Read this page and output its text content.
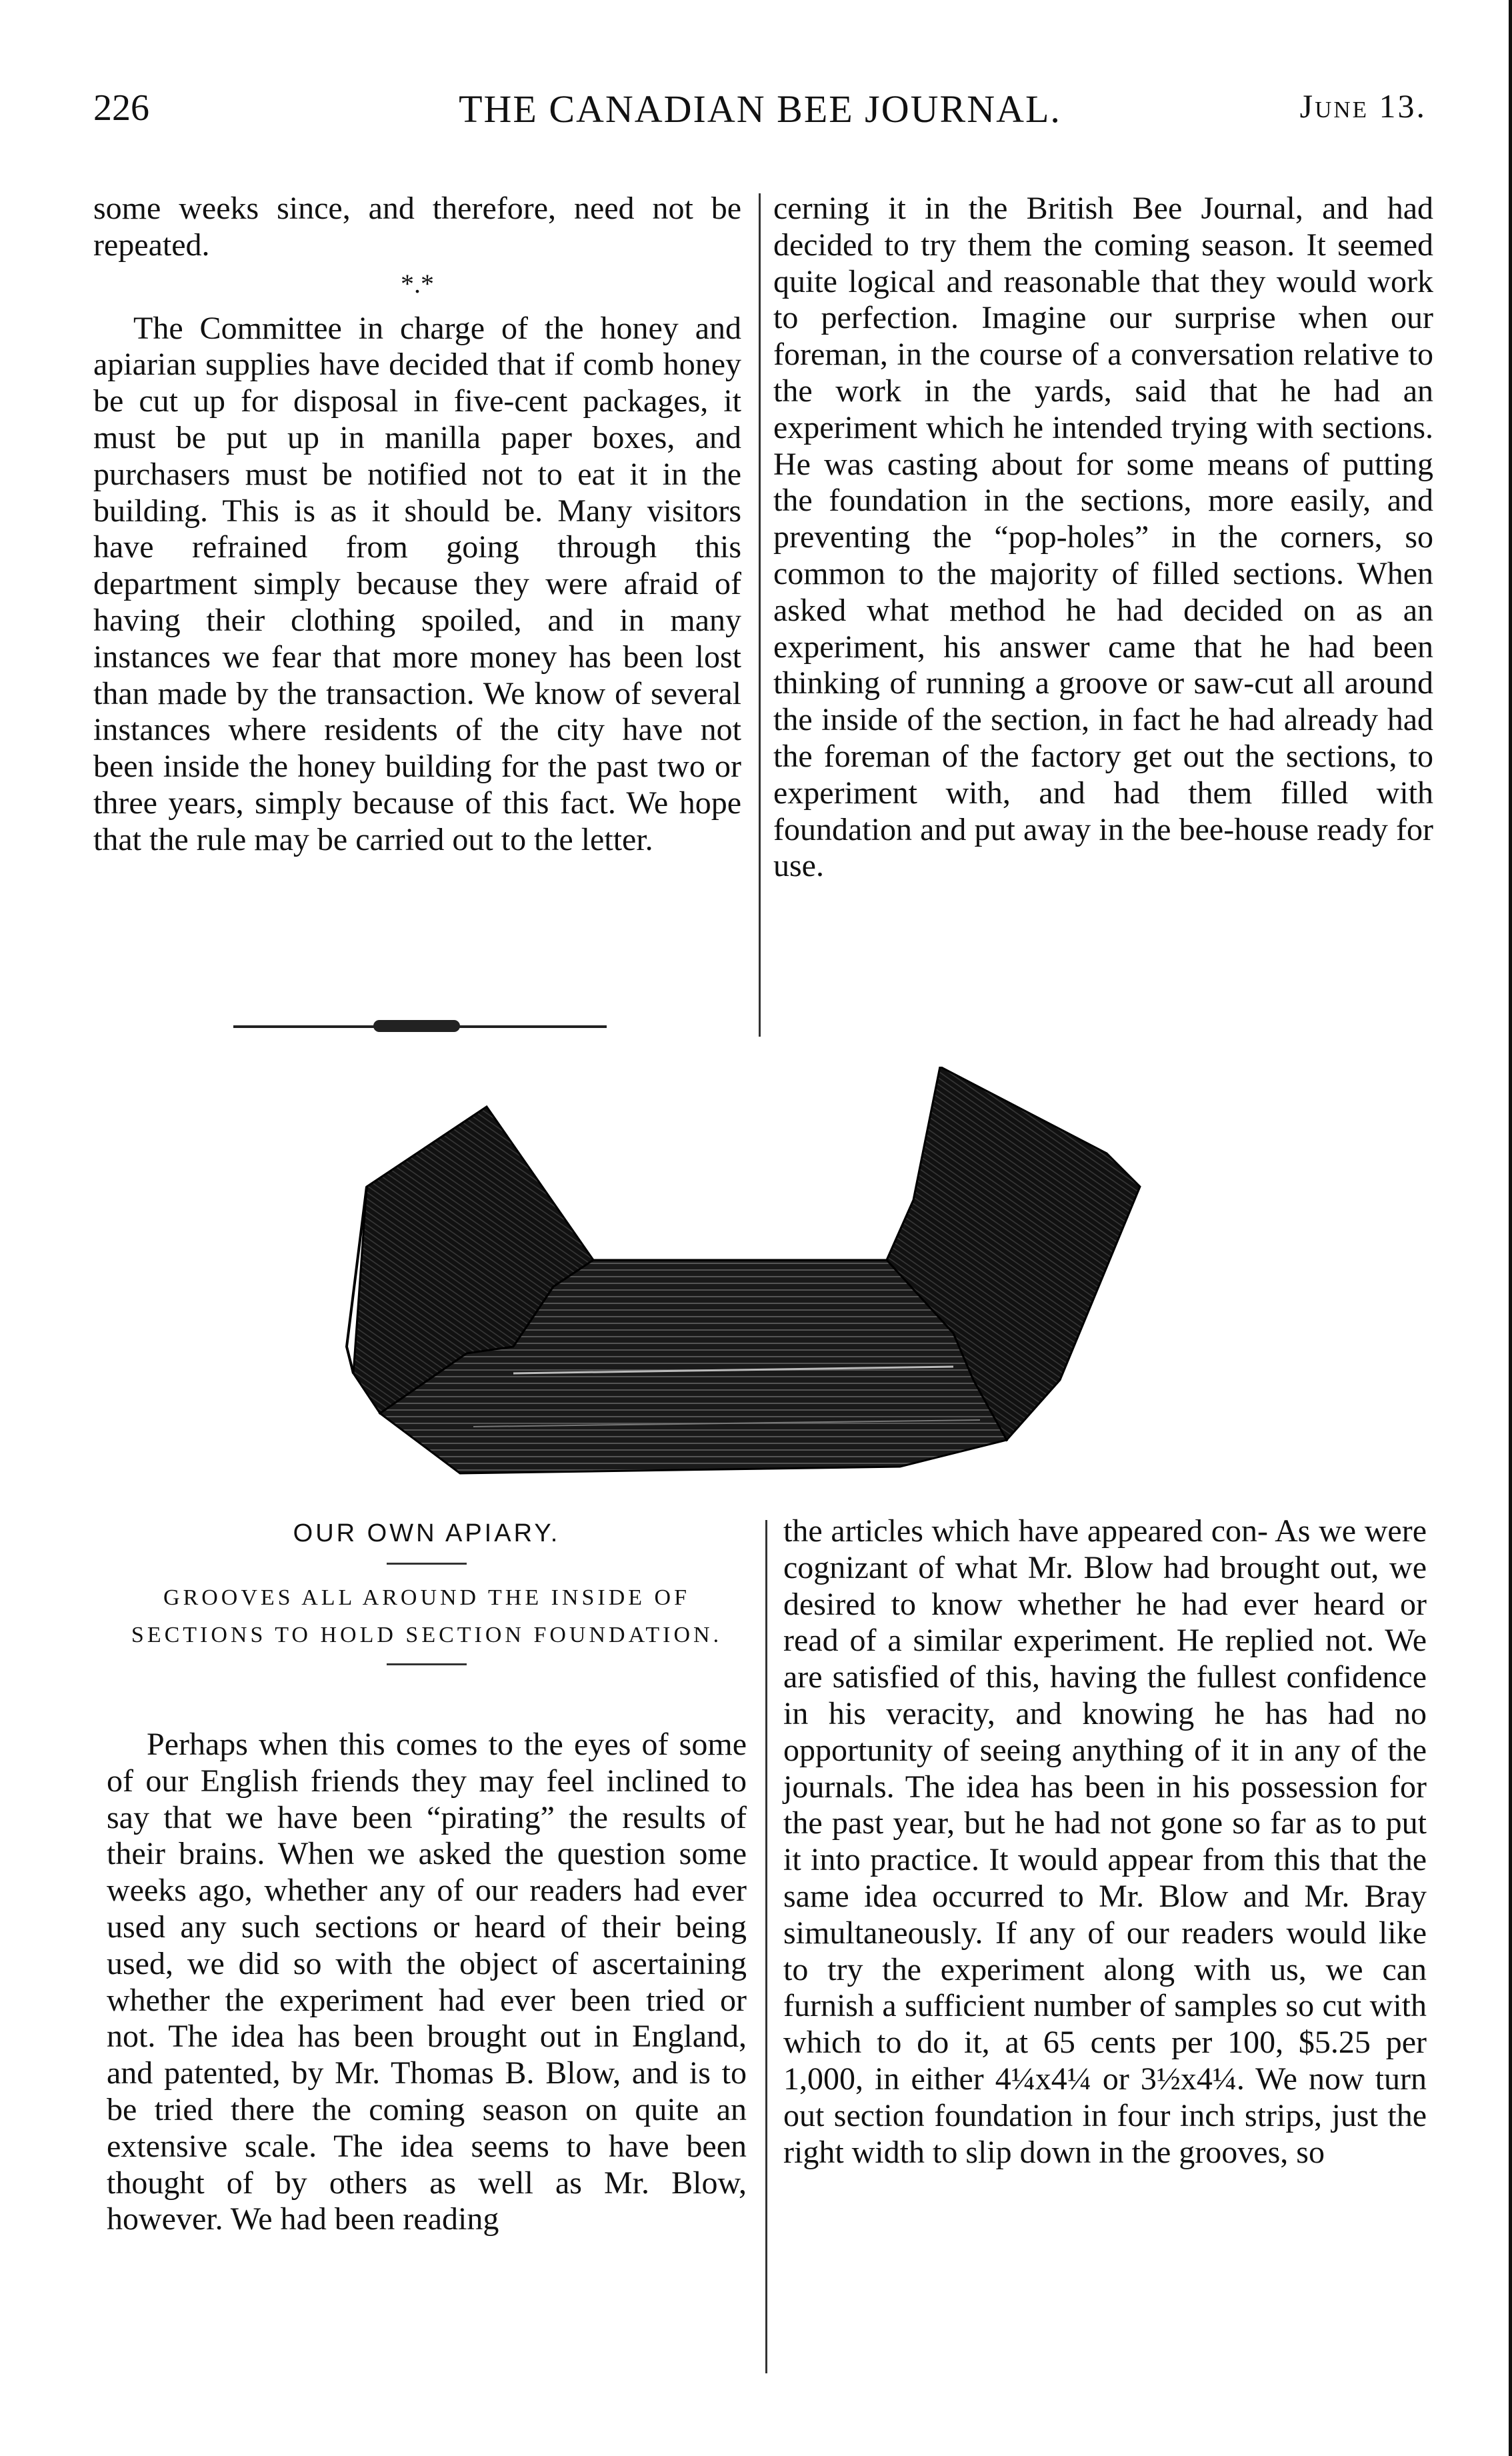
226	THE CANADIAN BEE JOURNAL.	June 13.

some weeks since, and therefore, need not be repeated.

*.*

The Committee in charge of the honey and apiarian supplies have decided that if comb honey be cut up for disposal in five-cent packages, it must be put up in manilla paper boxes, and purchasers must be notified not to eat it in the building. This is as it should be. Many visitors have refrained from going through this department simply because they were afraid of having their clothing spoiled, and in many instances we fear that more money has been lost than made by the transaction. We know of several instances where residents of the city have not been inside the honey building for the past two or three years, simply because of this fact. We hope that the rule may be carried out to the letter.

cerning it in the British Bee Journal, and had decided to try them the coming season. It seemed quite logical and reasonable that they would work to perfection. Imagine our surprise when our foreman, in the course of a conversation relative to the work in the yards, said that he had an experiment which he intended trying with sections. He was casting about for some means of putting the foundation in the sections, more easily, and preventing the “pop-holes” in the corners, so common to the majority of filled sections. When asked what method he had decided on as an experiment, his answer came that he had been thinking of running a groove or saw-cut all around the inside of the section, in fact he had already had the foreman of the factory get out the sections, to experiment with, and had them filled with foundation and put away in the bee-house ready for use.

OUR OWN APIARY.
GROOVES ALL AROUND THE INSIDE OF SECTIONS TO HOLD SECTION FOUNDATION.

Perhaps when this comes to the eyes of some of our English friends they may feel inclined to say that we have been “pirating” the results of their brains. When we asked the question some weeks ago, whether any of our readers had ever used any such sections or heard of their being used, we did so with the object of ascertaining whether the experiment had ever been tried or not. The idea has been brought out in England, and patented, by Mr. Thomas B. Blow, and is to be tried there the coming season on quite an extensive scale. The idea seems to have been thought of by others as well as Mr. Blow, however. We had been reading

the articles which have appeared con- As we were cognizant of what Mr. Blow had brought out, we desired to know whether he had ever heard or read of a similar experiment. He replied not. We are satisfied of this, having the fullest confidence in his veracity, and knowing he has had no opportunity of seeing anything of it in any of the journals. The idea has been in his possession for the past year, but he had not gone so far as to put it into practice. It would appear from this that the same idea occurred to Mr. Blow and Mr. Bray simultaneously. If any of our readers would like to try the experiment along with us, we can furnish a sufficient number of samples so cut with which to do it, at 65 cents per 100, $5.25 per 1,000, in either 4¼x4¼ or 3½x4¼. We now turn out section foundation in four inch strips, just the right width to slip down in the grooves, so
